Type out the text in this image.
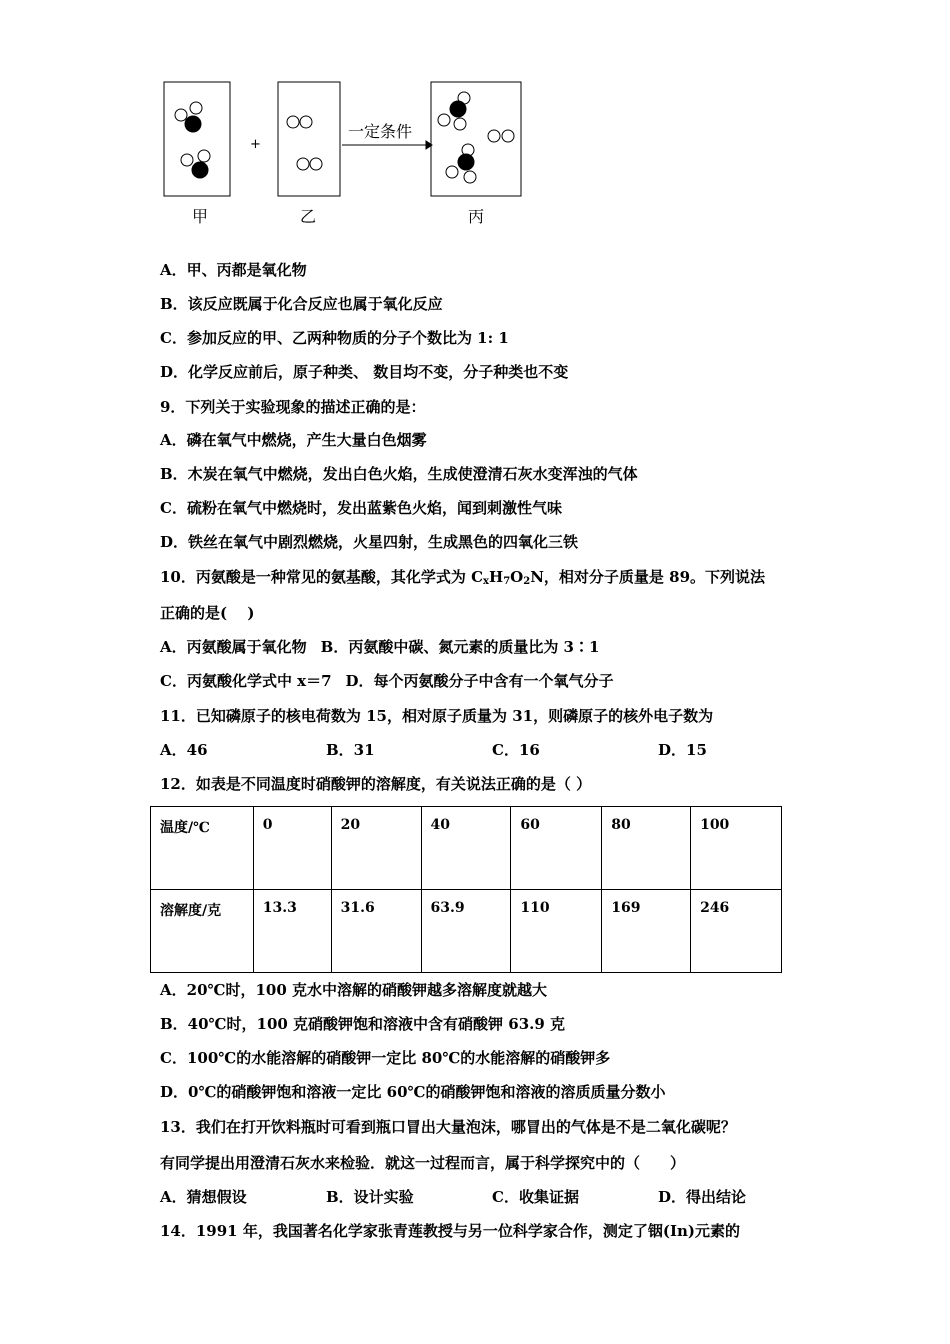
+
一定条件
甲	乙	丙
A．甲、丙都是氧化物
B．该反应既属于化合反应也属于氧化反应
C．参加反应的甲、乙两种物质的分子个数比为 1: 1
D．化学反应前后，原子种类、 数目均不变，分子种类也不变
9．下列关于实验现象的描述正确的是：
A．磷在氧气中燃烧，产生大量白色烟雾
B．木炭在氧气中燃烧，发出白色火焰，生成使澄清石灰水变浑浊的气体
C．硫粉在氧气中燃烧时，发出蓝紫色火焰，闻到刺激性气味
D．铁丝在氧气中剧烈燃烧，火星四射，生成黑色的四氧化三铁
10．丙氨酸是一种常见的氨基酸，其化学式为 CxH7O2N，相对分子质量是 89。下列说法
正确的是(　 )
A．丙氨酸属于氧化物 B．丙氨酸中碳、氮元素的质量比为 3∶1
C．丙氨酸化学式中 x＝7 D．每个丙氨酸分子中含有一个氧气分子
11．已知磷原子的核电荷数为 15，相对原子质量为 31，则磷原子的核外电子数为
A．46	B．31	C．16	D．15
12．如表是不同温度时硝酸钾的溶解度，有关说法正确的是（ ）
温度/℃	0	20	40	60	80	100
溶解度/克	13.3	31.6	63.9	110	169	246
A．20℃时，100 克水中溶解的硝酸钾越多溶解度就越大
B．40℃时，100 克硝酸钾饱和溶液中含有硝酸钾 63.9 克
C．100℃的水能溶解的硝酸钾一定比 80℃的水能溶解的硝酸钾多
D．0℃的硝酸钾饱和溶液一定比 60℃的硝酸钾饱和溶液的溶质质量分数小
13．我们在打开饮料瓶时可看到瓶口冒出大量泡沫，哪冒出的气体是不是二氧化碳呢？
有同学提出用澄清石灰水来检验．就这一过程而言，属于科学探究中的（　　）
A．猜想假设	B．设计实验	C．收集证据	D．得出结论
14．1991 年，我国著名化学家张青莲教授与另一位科学家合作，测定了铟(In)元素的
